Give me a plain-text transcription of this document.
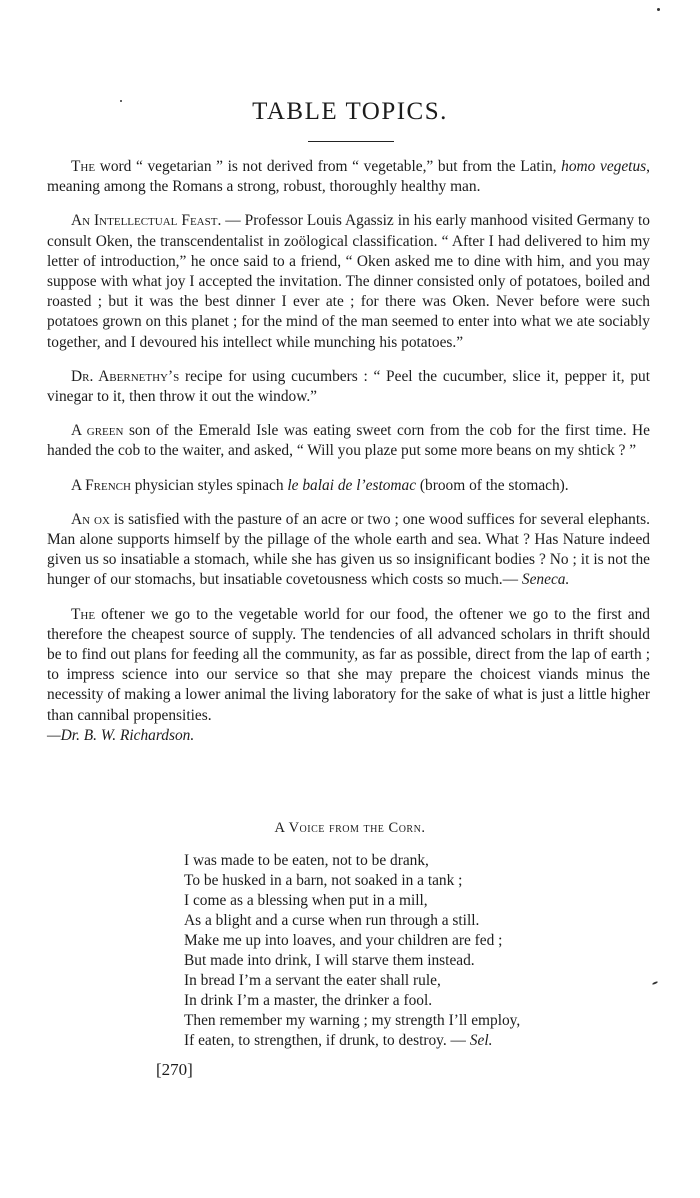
TABLE TOPICS.

The word “ vegetarian ” is not derived from “ vegetable,” but from the Latin, homo vegetus, meaning among the Romans a strong, robust, thoroughly healthy man.

An Intellectual Feast. — Professor Louis Agassiz in his early manhood visited Germany to consult Oken, the transcendentalist in zoölogical classification. “ After I had delivered to him my letter of introduction,” he once said to a friend, “ Oken asked me to dine with him, and you may suppose with what joy I accepted the invitation. The dinner consisted only of potatoes, boiled and roasted ; but it was the best dinner I ever ate ; for there was Oken. Never before were such potatoes grown on this planet ; for the mind of the man seemed to enter into what we ate sociably together, and I devoured his intellect while munching his potatoes.”

Dr. Abernethy’s recipe for using cucumbers : “ Peel the cucumber, slice it, pepper it, put vinegar to it, then throw it out the window.”

A green son of the Emerald Isle was eating sweet corn from the cob for the first time. He handed the cob to the waiter, and asked, “ Will you plaze put some more beans on my shtick ? ”

A French physician styles spinach le balai de l’estomac (broom of the stomach).

An ox is satisfied with the pasture of an acre or two ; one wood suffices for several elephants. Man alone supports himself by the pillage of the whole earth and sea. What ? Has Nature indeed given us so insatiable a stomach, while she has given us so insignificant bodies ? No ; it is not the hunger of our stomachs, but insatiable covetousness which costs so much.— Seneca.

The oftener we go to the vegetable world for our food, the oftener we go to the first and therefore the cheapest source of supply. The tendencies of all advanced scholars in thrift should be to find out plans for feeding all the community, as far as possible, direct from the lap of earth ; to impress science into our service so that she may prepare the choicest viands minus the necessity of making a lower animal the living laboratory for the sake of what is just a little higher than cannibal propensities.

—Dr. B. W. Richardson.
A Voice from the Corn.
I was made to be eaten, not to be drank,
To be husked in a barn, not soaked in a tank ;
I come as a blessing when put in a mill,
As a blight and a curse when run through a still.
Make me up into loaves, and your children are fed ;
But made into drink, I will starve them instead.
In bread I’m a servant the eater shall rule,
In drink I’m a master, the drinker a fool.
Then remember my warning ; my strength I’ll employ,
If eaten, to strengthen, if drunk, to destroy. — Sel.
[270]
